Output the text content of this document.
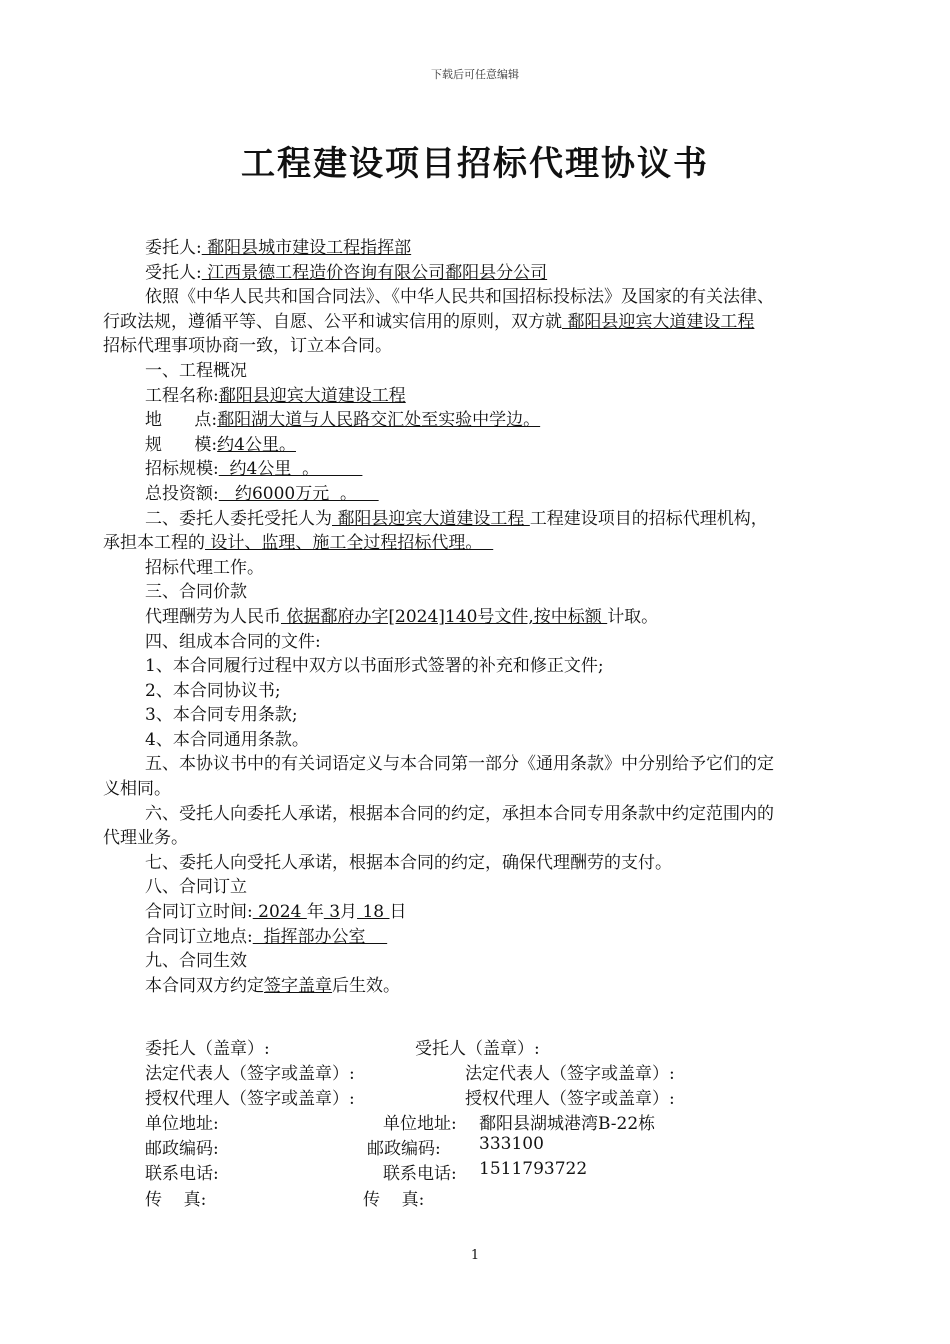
下载后可任意编辑
工程建设项目招标代理协议书
委托人: 鄱阳县城市建设工程指挥部
受托人: 江西景德工程造价咨询有限公司鄱阳县分公司
依照《中华人民共和国合同法》、《中华人民共和国招标投标法》及国家的有关法律、
行政法规，遵循平等、自愿、公平和诚实信用的原则，双方就 鄱阳县迎宾大道建设工程
招标代理事项协商一致，订立本合同。
一、工程概况
工程名称:鄱阳县迎宾大道建设工程
地      点:鄱阳湖大道与人民路交汇处至实验中学边。
规      模:约4公里。
招标规模:  约4公里  。
总投资额:   约6000万元  。
二、委托人委托受托人为 鄱阳县迎宾大道建设工程 工程建设项目的招标代理机构，
承担本工程的 设计、监理、施工全过程招标代理。
招标代理工作。
三、合同价款
代理酬劳为人民币 依据鄱府办字[2024]140号文件,按中标额 计取。
四、组成本合同的文件:
1、本合同履行过程中双方以书面形式签署的补充和修正文件;
2、本合同协议书;
3、本合同专用条款;
4、本合同通用条款。
五、本协议书中的有关词语定义与本合同第一部分《通用条款》中分别给予它们的定
义相同。
六、受托人向委托人承诺，根据本合同的约定，承担本合同专用条款中约定范围内的
代理业务。
七、委托人向受托人承诺，根据本合同的约定，确保代理酬劳的支付。
八、合同订立
合同订立时间: 2024 年 3月 18 日
合同订立地点:  指挥部办公室
九、合同生效
本合同双方约定签字盖章后生效。
委托人（盖章）:	受托人（盖章）:
法定代表人（签字或盖章）:	法定代表人（签字或盖章）:
授权代理人（签字或盖章）:	授权代理人（签字或盖章）:
单位地址:	单位地址: 鄱阳县湖城港湾B-22栋
邮政编码:	邮政编码: 333100
联系电话:	联系电话: 1511793722
传    真:	传    真:
1
